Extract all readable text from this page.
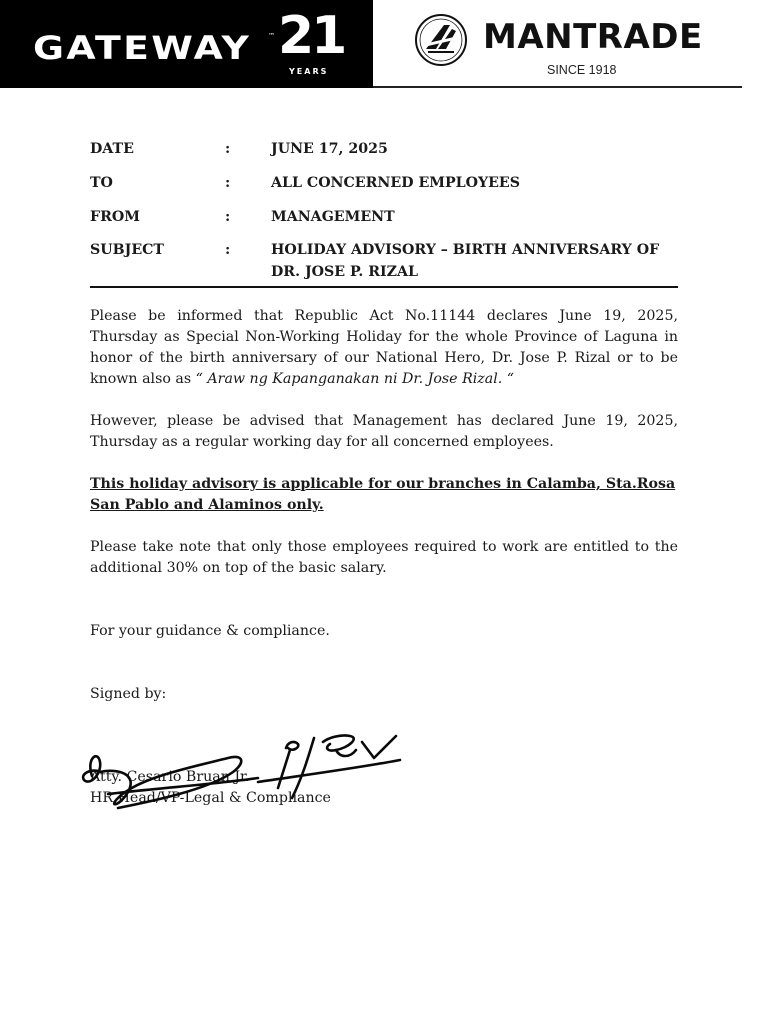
GATEWAY ™ 21
YEARS
MANTRADE
SINCE 1918
DATE	:	JUNE 17, 2025
TO	:	ALL CONCERNED EMPLOYEES
FROM	:	MANAGEMENT
SUBJECT	:	HOLIDAY ADVISORY – BIRTH ANNIVERSARY OF
DR. JOSE P. RIZAL
Please be informed that Republic Act No.11144 declares June 19, 2025, Thursday as Special Non-Working Holiday for the whole Province of Laguna in honor of the birth anniversary of our National Hero, Dr. Jose P. Rizal or to be known also as “ Araw ng Kapanganakan ni Dr. Jose Rizal. “
However, please be advised that Management has declared June 19, 2025, Thursday as a regular working day for all concerned employees.
This holiday advisory is applicable for our branches in Calamba, Sta.Rosa
San Pablo and Alaminos only.
Please take note that only those employees required to work are entitled to the additional 30% on top of the basic salary.
For your guidance & compliance.
Signed by:
Atty. Cesario Bruan Jr.
HR Head/VP-Legal & Compliance
